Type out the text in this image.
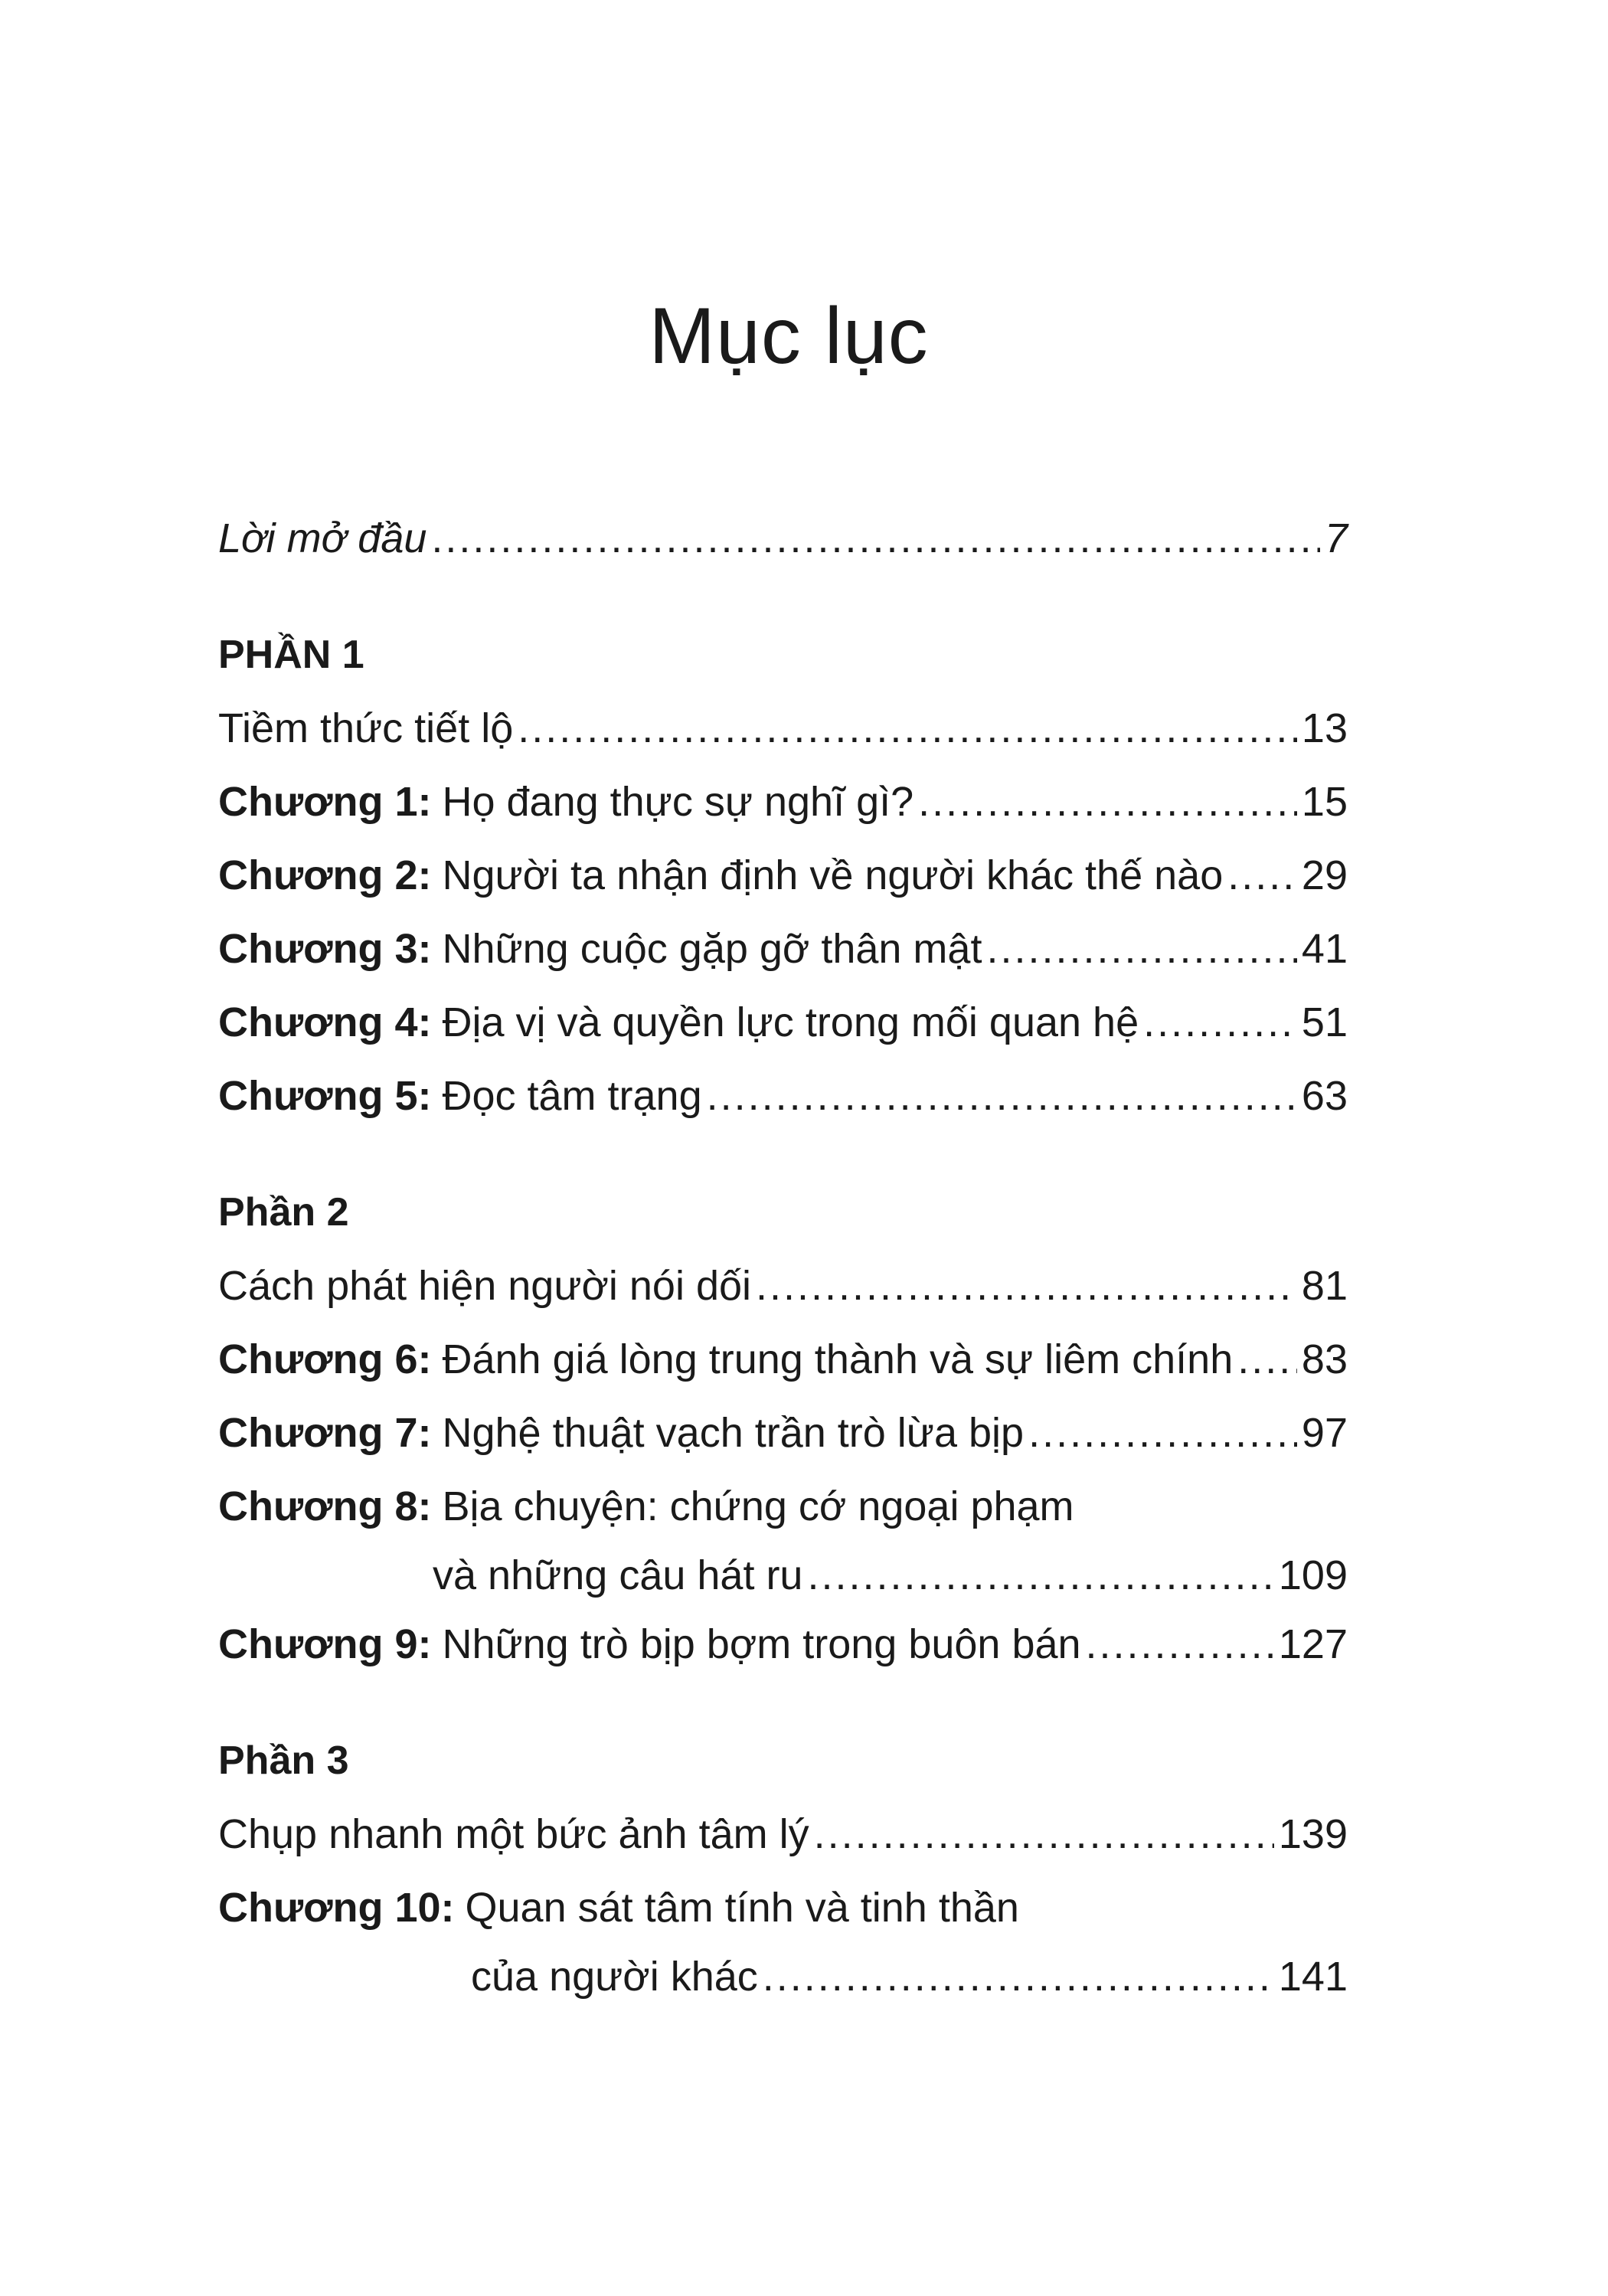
Mục lục
Lời mở đầu .....	7
PHẦN 1
Tiềm thức tiết lộ .....	13
Chương 1: Họ đang thực sự nghĩ gì? .....	15
Chương 2: Người ta nhận định về người khác thế nào ..... 29
Chương 3: Những cuộc gặp gỡ thân mật .....	41
Chương 4: Địa vị và quyền lực trong mối quan hệ .....	51
Chương 5: Đọc tâm trạng .....	63
Phần 2
Cách phát hiện người nói dối .....	81
Chương 6: Đánh giá lòng trung thành và sự liêm chính ..... 83
Chương 7: Nghệ thuật vạch trần trò lừa bịp .....	97
Chương 8: Bịa chuyện: chứng cớ ngoại phạm
và những câu hát ru .....	109
Chương 9: Những trò bịp bợm trong buôn bán .....	127
Phần 3
Chụp nhanh một bức ảnh tâm lý .....	139
Chương 10: Quan sát tâm tính và tinh thần
của người khác .....	141
